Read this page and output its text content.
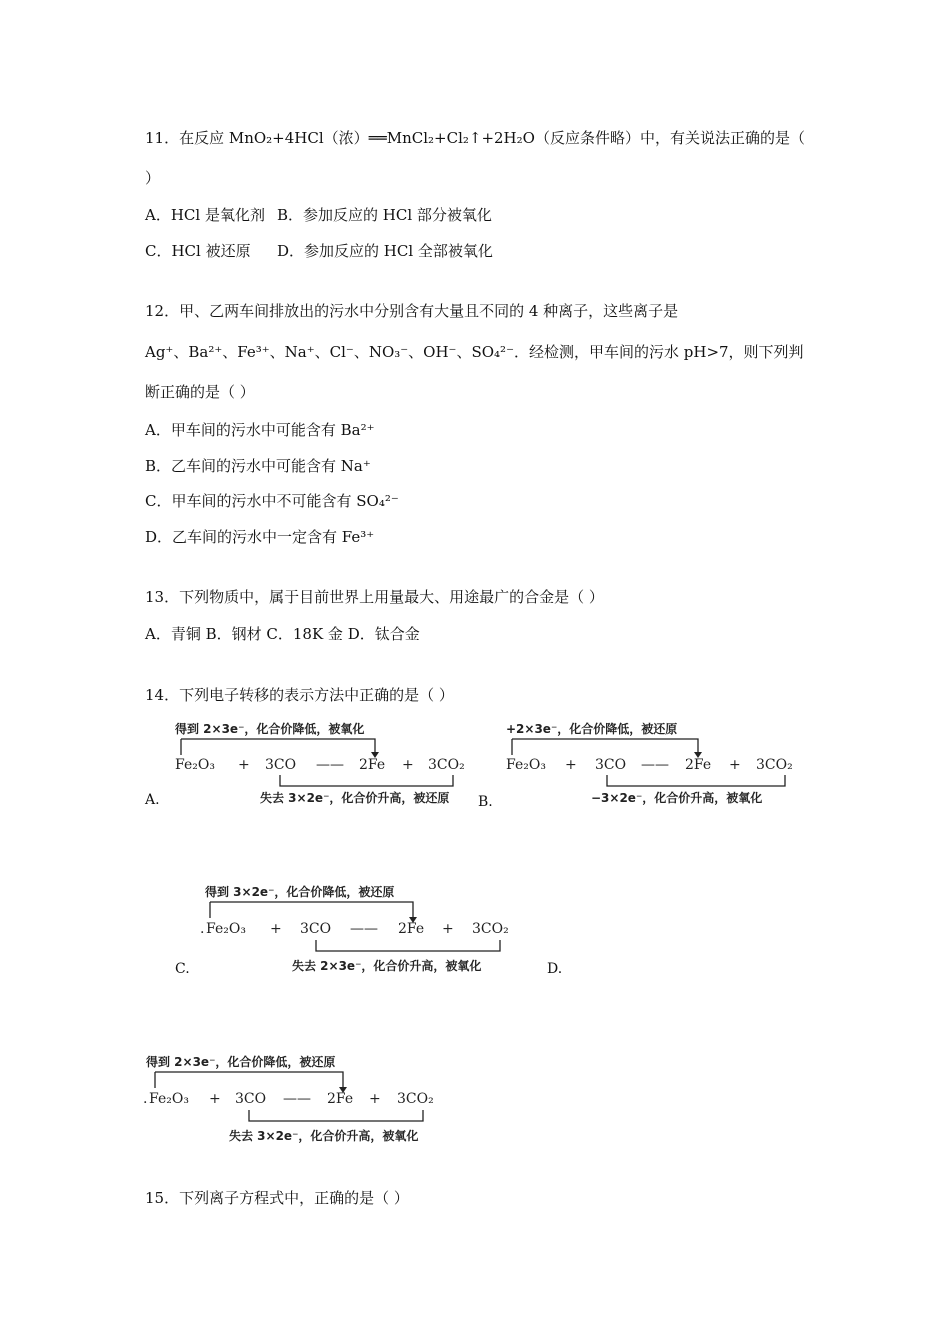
11．在反应 MnO₂+4HCl（浓）══MnCl₂+Cl₂↑+2H₂O（反应条件略）中，有关说法正确的是（
）
A．HCl 是氧化剂 B．参加反应的 HCl 部分被氧化
C．HCl 被还原 D．参加反应的 HCl 全部被氧化
12．甲、乙两车间排放出的污水中分别含有大量且不同的 4 种离子，这些离子是
Ag⁺、Ba²⁺、Fe³⁺、Na⁺、Cl⁻、NO₃⁻、OH⁻、SO₄²⁻．经检测，甲车间的污水 pH>7，则下列判
断正确的是（ ）
A．甲车间的污水中可能含有 Ba²⁺
B．乙车间的污水中可能含有 Na⁺
C．甲车间的污水中不可能含有 SO₄²⁻
D．乙车间的污水中一定含有 Fe³⁺
13．下列物质中，属于目前世界上用量最大、用途最广的合金是（ ）
A．青铜 B．钢材 C．18K 金 D．钛合金
14．下列电子转移的表示方法中正确的是（ ）
得到 2×3e⁻，化合价降低，被氧化
Fe₂O₃ + 3CO —— 2Fe + 3CO₂
失去 3×2e⁻，化合价升高，被还原
A.
+2×3e⁻，化合价降低，被还原
Fe₂O₃ + 3CO —— 2Fe + 3CO₂
−3×2e⁻，化合价升高，被氧化
B.
得到 3×2e⁻，化合价降低，被还原
. Fe₂O₃ + 3CO —— 2Fe + 3CO₂
失去 2×3e⁻，化合价升高，被氧化
C.	D.
得到 2×3e⁻，化合价降低，被还原
. Fe₂O₃ + 3CO —— 2Fe + 3CO₂
失去 3×2e⁻，化合价升高，被氧化
15．下列离子方程式中，正确的是（ ）
